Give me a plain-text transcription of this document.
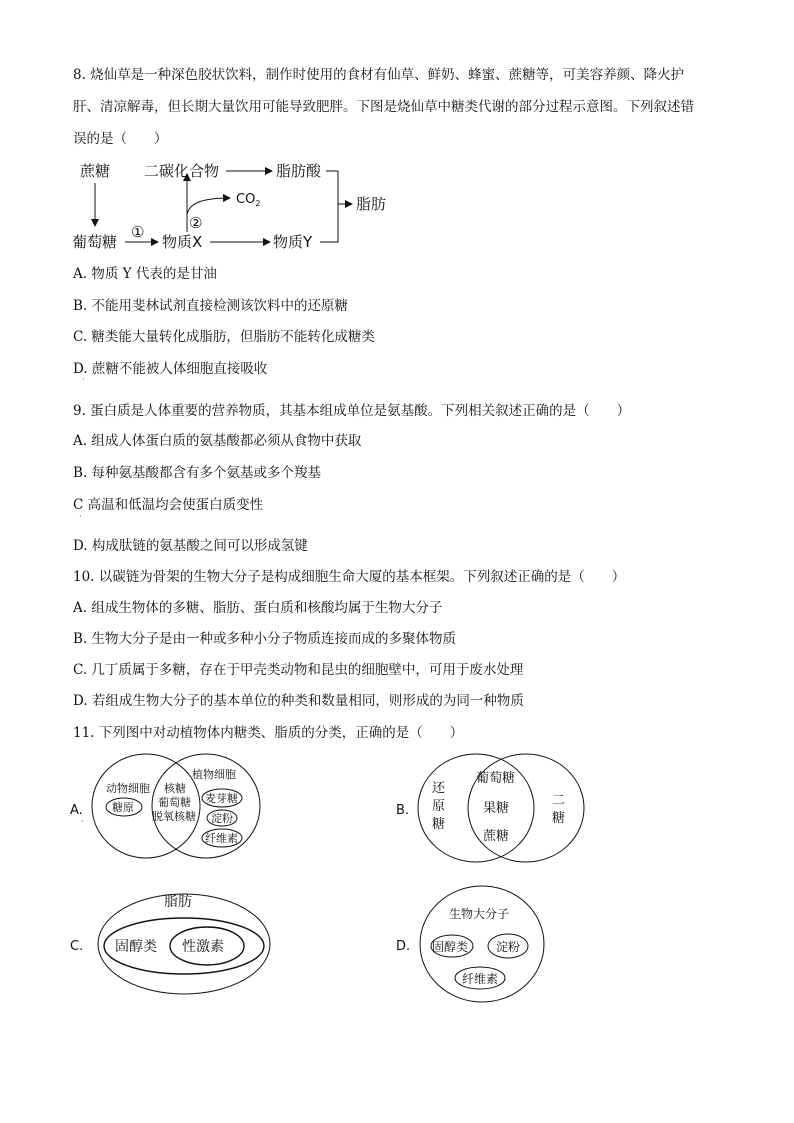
8. 烧仙草是一种深色胶状饮料，制作时使用的食材有仙草、鲜奶、蜂蜜、蔗糖等，可美容养颜、降火护
肝、清凉解毒，但长期大量饮用可能导致肥胖。下图是烧仙草中糖类代谢的部分过程示意图。下列叙述错
误的是（　　）
蔗糖
葡萄糖
①
物质X
②
$CO_2$
二碳化合物	脂肪酸
物质Y
脂肪
A. 物质 Y 代表的是甘油
B. 不能用斐林试剂直接检测该饮料中的还原糖
C. 糖类能大量转化成脂肪，但脂肪不能转化成糖类
D. 蔗糖不能被人体细胞直接吸收
·
9. 蛋白质是人体重要的营养物质，其基本组成单位是氨基酸。下列相关叙述正确的是（　　）
A. 组成人体蛋白质的氨基酸都必须从食物中获取
B. 每种氨基酸都含有多个氨基或多个羧基
C 高温和低温均会使蛋白质变性
·
D. 构成肽链的氨基酸之间可以形成氢键
10. 以碳链为骨架的生物大分子是构成细胞生命大厦的基本框架。下列叙述正确的是（　　）
A. 组成生物体的多糖、脂肪、蛋白质和核酸均属于生物大分子
B. 生物大分子是由一种或多种小分子物质连接而成的多聚体物质
C. 几丁质属于多糖，存在于甲壳类动物和昆虫的细胞壁中，可用于废水处理
D. 若组成生物大分子的基本单位的种类和数量相同，则形成的为同一种物质
11. 下列图中对动植物体内糖类、脂质的分类，正确的是（　　）
A.
·
动物细胞
糖原
植物细胞
核糖
葡萄糖
脱氧核糖
麦芽糖
淀粉
纤维素
B.
还
原
糖
葡萄糖
果糖
蔗糖
二
糖
C.
脂肪
固醇类 性激素	D.
生物大分子
固醇类 淀粉
纤维素
